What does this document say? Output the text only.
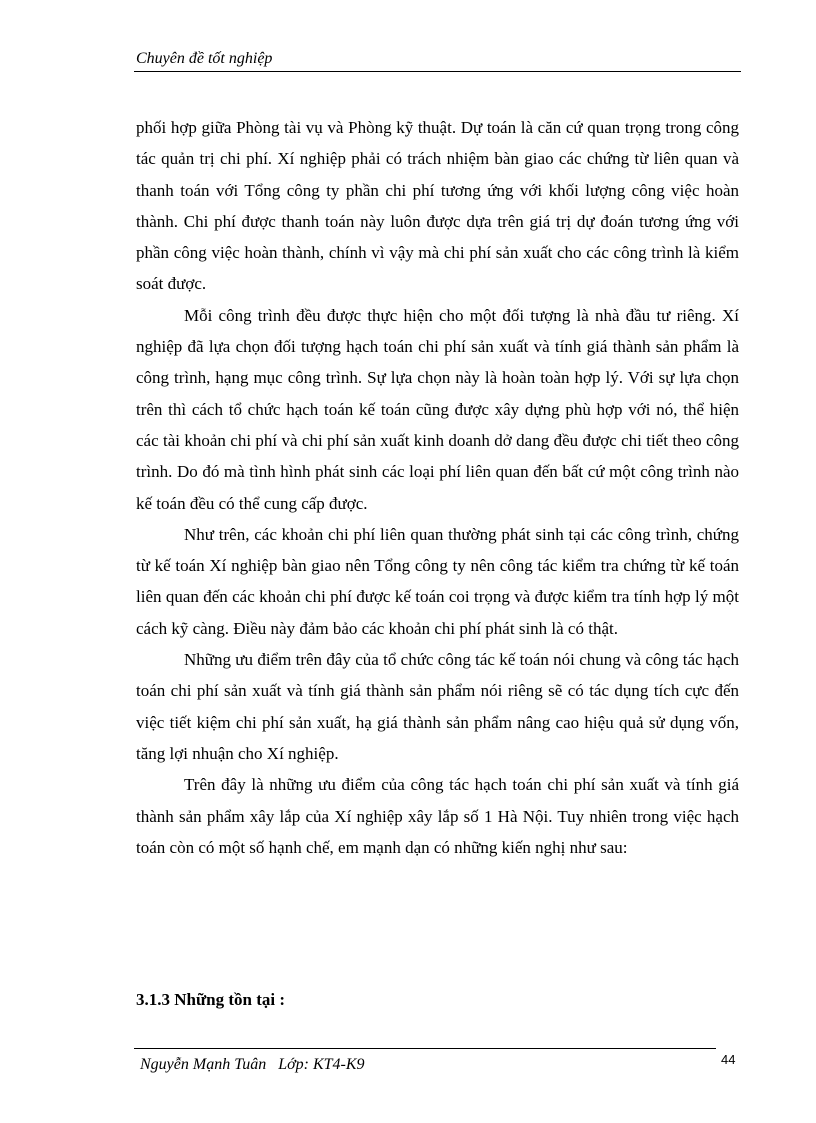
Chuyên đề tốt nghiệp

phối hợp giữa Phòng tài vụ và Phòng kỹ thuật. Dự toán là căn cứ quan trọng trong công tác quản trị chi phí. Xí nghiệp phải có trách nhiệm bàn giao các chứng từ liên quan và thanh toán với Tổng công ty phần chi phí tương ứng với khối lượng công việc hoàn thành. Chi phí được thanh toán này luôn được dựa trên giá trị dự đoán tương ứng với phần công việc hoàn thành, chính vì vậy mà chi phí sản xuất cho các công trình là kiểm soát được.

Mỗi công trình đều được thực hiện cho một đối tượng là nhà đầu tư riêng. Xí nghiệp đã lựa chọn đối tượng hạch toán chi phí sản xuất và tính giá thành sản phẩm là công trình, hạng mục công trình. Sự lựa chọn này là hoàn toàn hợp lý. Với sự lựa chọn trên thì cách tổ chức hạch toán kế toán cũng được xây dựng phù hợp với nó, thể hiện các tài khoản chi phí và chi phí sản xuất kinh doanh dở dang đều được chi tiết theo công trình. Do đó mà tình hình phát sinh các loại phí liên quan đến bất cứ một công trình nào kế toán đều có thể cung cấp được.

Như trên, các khoản chi phí liên quan thường phát sinh tại các công trình, chứng từ kế toán Xí nghiệp bàn giao nên Tổng công ty nên công tác kiểm tra chứng từ kế toán liên quan đến các khoản chi phí được kế toán coi trọng và được kiểm tra tính hợp lý một cách kỹ càng. Điều này đảm bảo các khoản chi phí phát sinh là có thật.

Những ưu điểm trên đây của tổ chức công tác kế toán nói chung và công tác hạch toán chi phí sản xuất và tính giá thành sản phẩm nói riêng sẽ có tác dụng tích cực đến việc tiết kiệm chi phí sản xuất, hạ giá thành sản phẩm nâng cao hiệu quả sử dụng vốn, tăng lợi nhuận cho Xí nghiệp.

Trên đây là những ưu điểm của công tác hạch toán chi phí sản xuất và tính giá thành sản phẩm xây lắp của Xí nghiệp xây lắp số 1 Hà Nội. Tuy nhiên trong việc hạch toán còn có một số hạnh chế, em mạnh dạn có những kiến nghị như sau:

3.1.3 Những tồn tại :
Nguyễn Mạnh Tuân   Lớp: KT4-K9	44
